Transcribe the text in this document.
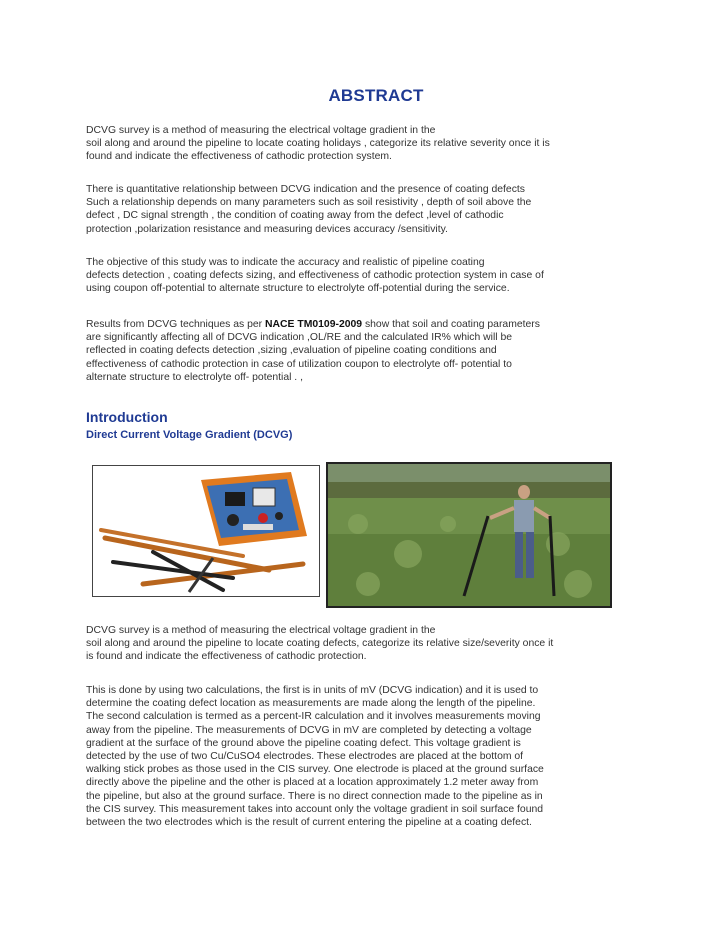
ABSTRACT
DCVG survey is a method of measuring the electrical voltage gradient in the
soil along and around the pipeline to locate coating holidays , categorize its relative severity once it is
found and indicate the effectiveness of cathodic protection system.
There is quantitative relationship between DCVG indication and the presence of coating defects
Such a relationship depends on many parameters such as soil resistivity , depth of soil above the
defect , DC signal strength , the condition of coating away from the defect ,level of cathodic
protection ,polarization resistance and measuring devices accuracy /sensitivity.
The objective of this study was to indicate the accuracy and realistic of pipeline coating
defects detection , coating defects sizing, and effectiveness of cathodic protection system in case of
using coupon off-potential to alternate structure to electrolyte off-potential during the service.
Results from DCVG techniques as per NACE TM0109-2009 show that soil and coating parameters
are significantly affecting all of DCVG indication ,OL/RE and the calculated IR% which will be
reflected in coating defects detection ,sizing ,evaluation of pipeline coating conditions and
effectiveness of cathodic protection in case of utilization coupon to electrolyte off- potential to
alternate structure to electrolyte off- potential . ,
Introduction
Direct Current Voltage Gradient (DCVG)
DCVG survey is a method of measuring the electrical voltage gradient in the
soil along and around the pipeline to locate coating defects, categorize its relative size/severity once it
is found and indicate the effectiveness of cathodic protection.
This is done by using two calculations, the first is in units of mV (DCVG indication) and it is used to
determine the coating defect location as measurements are made along the length of the pipeline.
The second calculation is termed as a percent-IR calculation and it involves measurements moving
away from the pipeline. The measurements of DCVG in mV are completed by detecting a voltage
gradient at the surface of the ground above the pipeline coating defect. This voltage gradient is
detected by the use of two Cu/CuSO4 electrodes. These electrodes are placed at the bottom of
walking stick probes as those used in the CIS survey. One electrode is placed at the ground surface
directly above the pipeline and the other is placed at a location approximately 1.2 meter away from
the pipeline, but also at the ground surface. There is no direct connection made to the pipeline as in
the CIS survey. This measurement takes into account only the voltage gradient in soil surface found
between the two electrodes which is the result of current entering the pipeline at a coating defect.
